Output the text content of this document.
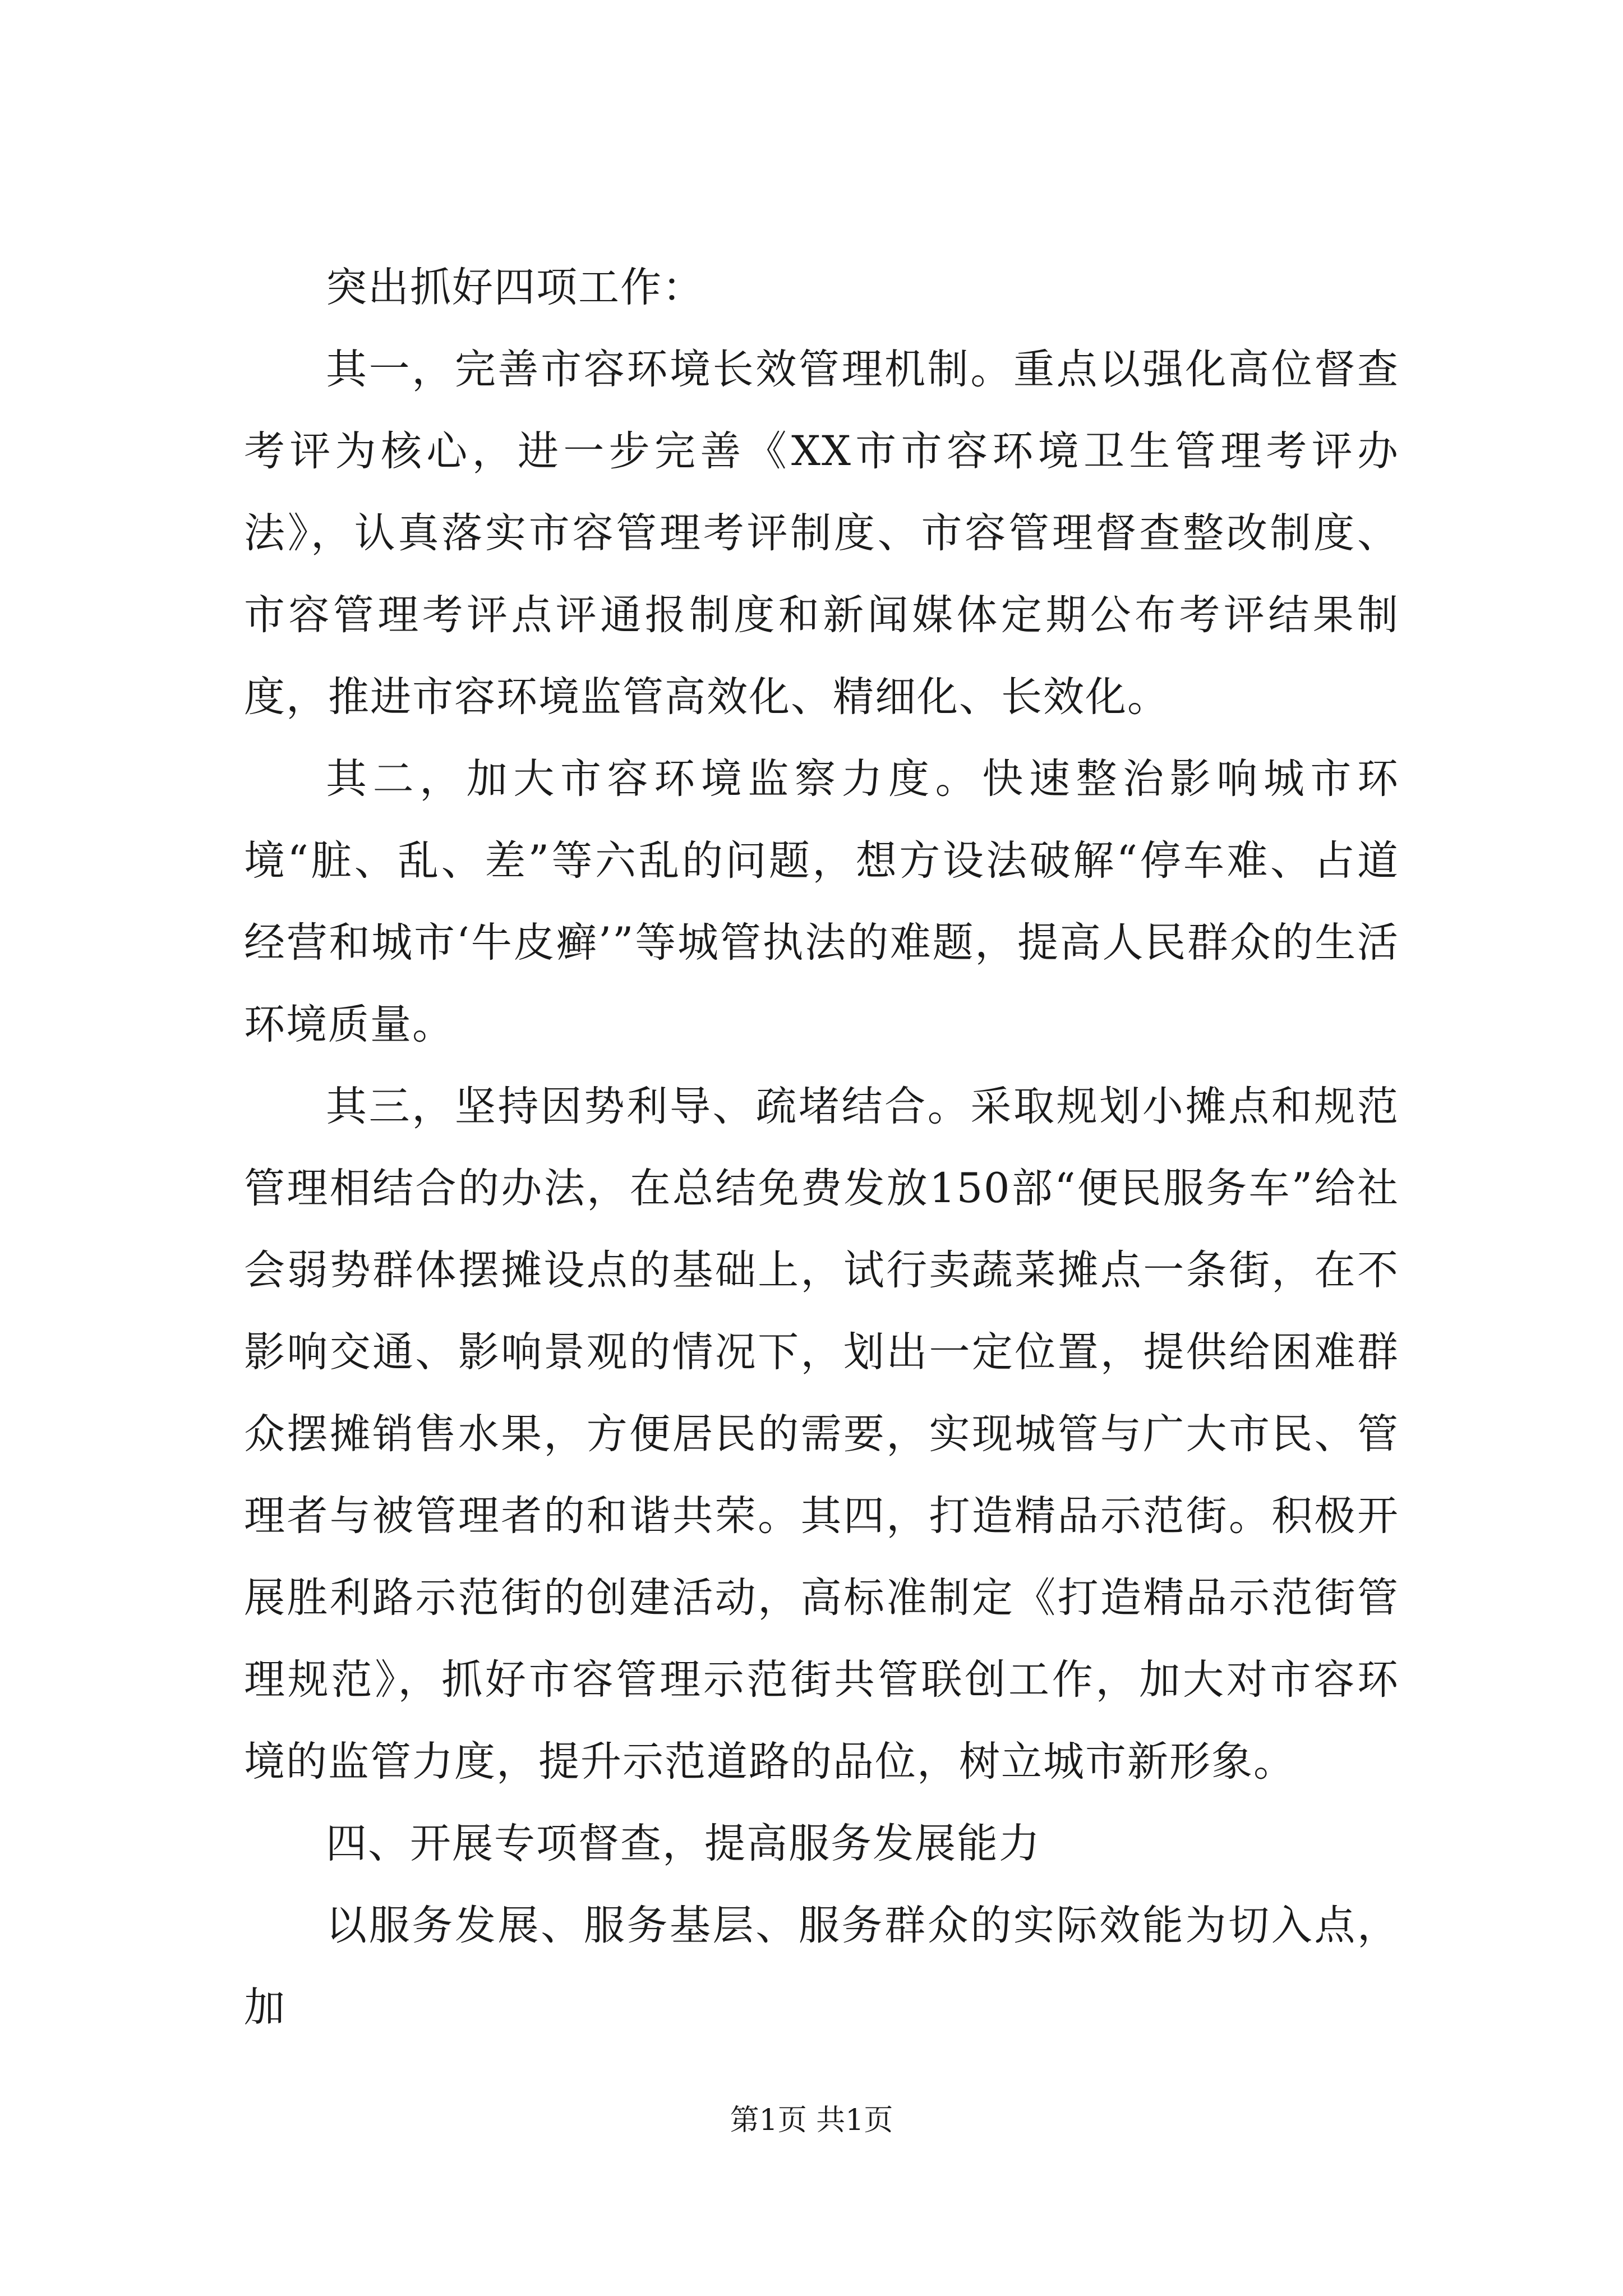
突出抓好四项工作：

其一，完善市容环境长效管理机制。重点以强化高位督查考评为核心，进一步完善《XX市市容环境卫生管理考评办法》，认真落实市容管理考评制度、市容管理督查整改制度、市容管理考评点评通报制度和新闻媒体定期公布考评结果制度，推进市容环境监管高效化、精细化、长效化。

其二，加大市容环境监察力度。快速整治影响城市环境“脏、乱、差”等六乱的问题，想方设法破解“停车难、占道经营和城市‘牛皮癣’”等城管执法的难题，提高人民群众的生活环境质量。

其三，坚持因势利导、疏堵结合。采取规划小摊点和规范管理相结合的办法，在总结免费发放150部“便民服务车”给社会弱势群体摆摊设点的基础上，试行卖蔬菜摊点一条街，在不影响交通、影响景观的情况下，划出一定位置，提供给困难群众摆摊销售水果，方便居民的需要，实现城管与广大市民、管理者与被管理者的和谐共荣。其四，打造精品示范街。积极开展胜利路示范街的创建活动，高标准制定《打造精品示范街管理规范》，抓好市容管理示范街共管联创工作，加大对市容环境的监管力度，提升示范道路的品位，树立城市新形象。

四、开展专项督查，提高服务发展能力

以服务发展、服务基层、服务群众的实际效能为切入点，加

第1页 共1页
